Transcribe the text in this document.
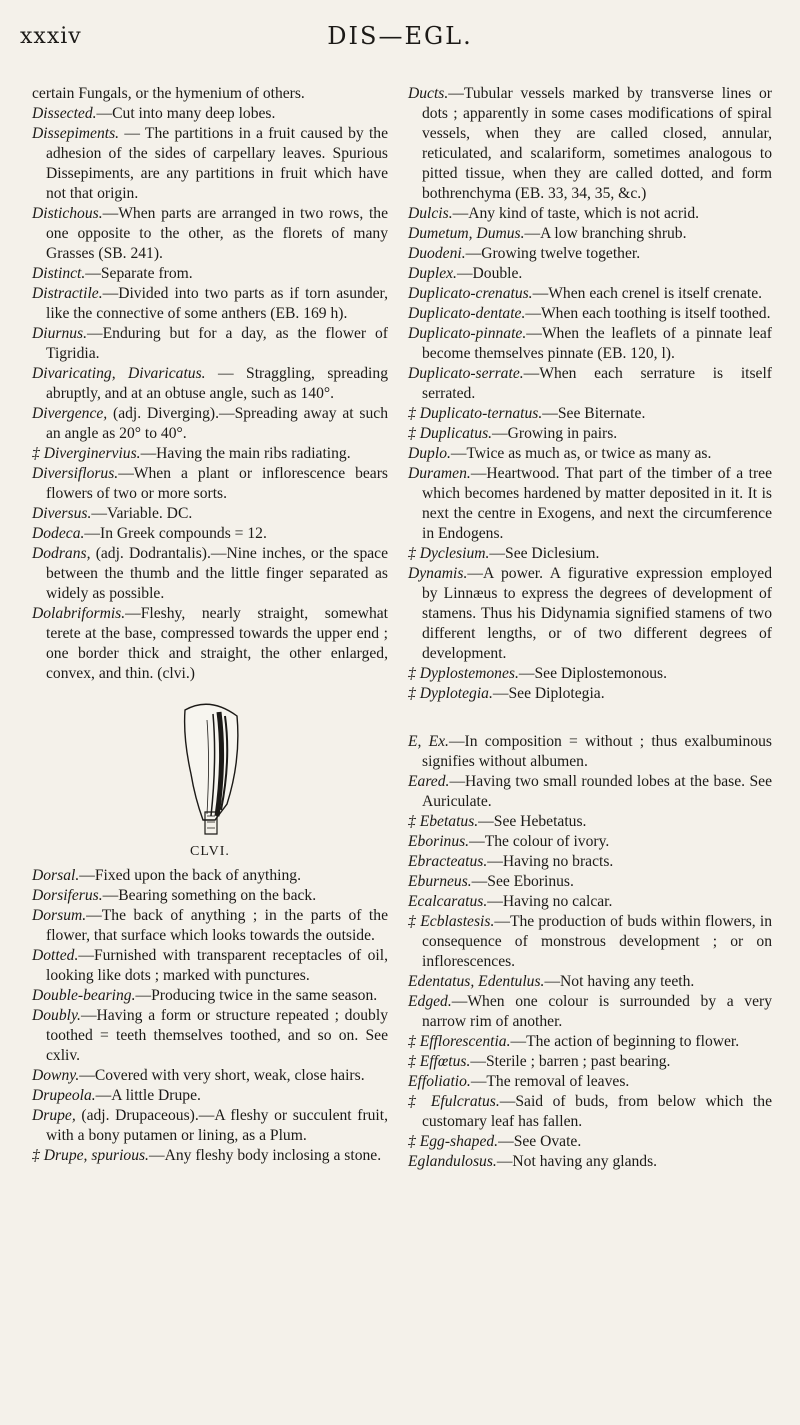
xxxiv	DIS—EGL.

certain Fungals, or the hymenium of others.

Dissected.—Cut into many deep lobes.

Dissepiments. — The partitions in a fruit caused by the adhesion of the sides of carpellary leaves. Spurious Dissepiments, are any partitions in fruit which have not that origin.

Distichous.—When parts are arranged in two rows, the one opposite to the other, as the florets of many Grasses (SB. 241).

Distinct.—Separate from.

Distractile.—Divided into two parts as if torn asunder, like the connective of some anthers (EB. 169 h).

Diurnus.—Enduring but for a day, as the flower of Tigridia.

Divaricating, Divaricatus. — Straggling, spreading abruptly, and at an obtuse angle, such as 140°.

Divergence, (adj. Diverging).—Spreading away at such an angle as 20° to 40°.

‡ Diverginervius.—Having the main ribs radiating.

Diversiflorus.—When a plant or inflorescence bears flowers of two or more sorts.

Diversus.—Variable. DC.

Dodeca.—In Greek compounds = 12.

Dodrans, (adj. Dodrantalis).—Nine inches, or the space between the thumb and the little finger separated as widely as possible.

Dolabriformis.—Fleshy, nearly straight, somewhat terete at the base, compressed towards the upper end ; one border thick and straight, the other enlarged, convex, and thin. (clvi.)

CLVI.

Dorsal.—Fixed upon the back of anything.

Dorsiferus.—Bearing something on the back.

Dorsum.—The back of anything ; in the parts of the flower, that surface which looks towards the outside.

Dotted.—Furnished with transparent receptacles of oil, looking like dots ; marked with punctures.

Double-bearing.—Producing twice in the same season.

Doubly.—Having a form or structure repeated ; doubly toothed = teeth themselves toothed, and so on. See cxliv.

Downy.—Covered with very short, weak, close hairs.

Drupeola.—A little Drupe.

Drupe, (adj. Drupaceous).—A fleshy or succulent fruit, with a bony putamen or lining, as a Plum.

‡ Drupe, spurious.—Any fleshy body inclosing a stone.

Ducts.—Tubular vessels marked by transverse lines or dots ; apparently in some cases modifications of spiral vessels, when they are called closed, annular, reticulated, and scalariform, sometimes analogous to pitted tissue, when they are called dotted, and form bothrenchyma (EB. 33, 34, 35, &c.)

Dulcis.—Any kind of taste, which is not acrid.

Dumetum, Dumus.—A low branching shrub.

Duodeni.—Growing twelve together.

Duplex.—Double.

Duplicato-crenatus.—When each crenel is itself crenate.

Duplicato-dentate.—When each toothing is itself toothed.

Duplicato-pinnate.—When the leaflets of a pinnate leaf become themselves pinnate (EB. 120, l).

Duplicato-serrate.—When each serrature is itself serrated.

‡ Duplicato-ternatus.—See Biternate.

‡ Duplicatus.—Growing in pairs.

Duplo.—Twice as much as, or twice as many as.

Duramen.—Heartwood. That part of the timber of a tree which becomes hardened by matter deposited in it. It is next the centre in Exogens, and next the circumference in Endogens.

‡ Dyclesium.—See Diclesium.

Dynamis.—A power. A figurative expression employed by Linnæus to express the degrees of development of stamens. Thus his Didynamia signified stamens of two different lengths, or of two different degrees of development.

‡ Dyplostemones.—See Diplostemonous.

‡ Dyplotegia.—See Diplotegia.

E, Ex.—In composition = without ; thus exalbuminous signifies without albumen.

Eared.—Having two small rounded lobes at the base. See Auriculate.

‡ Ebetatus.—See Hebetatus.

Eborinus.—The colour of ivory.

Ebracteatus.—Having no bracts.

Eburneus.—See Eborinus.

Ecalcaratus.—Having no calcar.

‡ Ecblastesis.—The production of buds within flowers, in consequence of monstrous development ; or on inflorescences.

Edentatus, Edentulus.—Not having any teeth.

Edged.—When one colour is surrounded by a very narrow rim of another.

‡ Efflorescentia.—The action of beginning to flower.

‡ Effœtus.—Sterile ; barren ; past bearing.

Effoliatio.—The removal of leaves.

‡ Efulcratus.—Said of buds, from below which the customary leaf has fallen.

‡ Egg-shaped.—See Ovate.

Eglandulosus.—Not having any glands.
